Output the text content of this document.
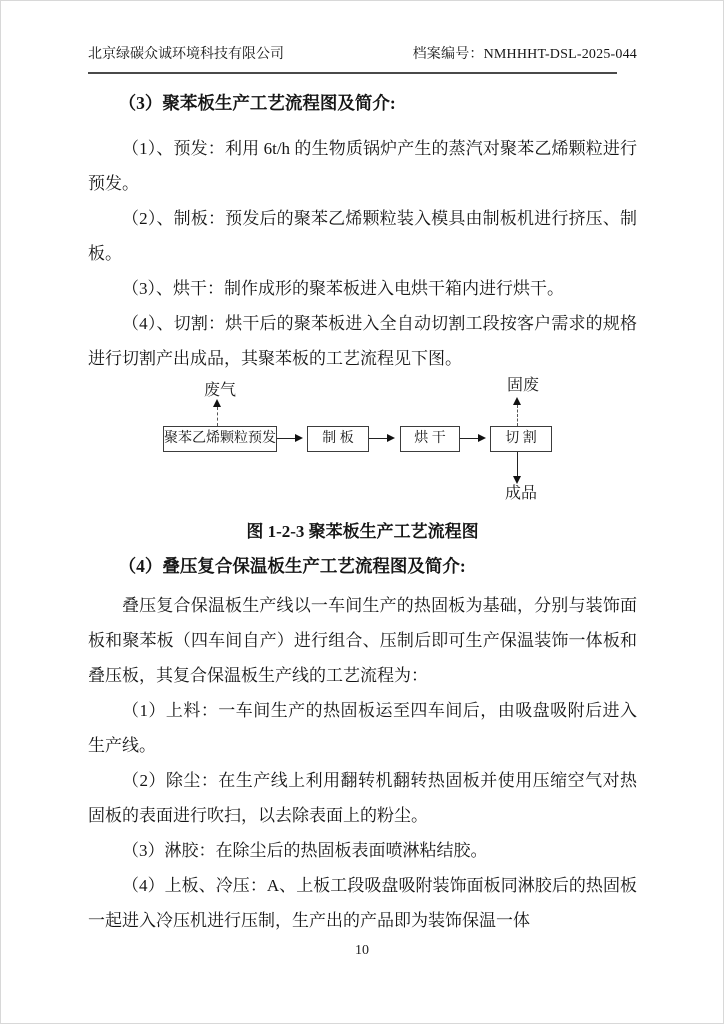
北京绿碳众诚环境科技有限公司	档案编号：NMHHHT-DSL-2025-044

（3）聚苯板生产工艺流程图及简介:

（1）、预发：利用 6t/h 的生物质锅炉产生的蒸汽对聚苯乙烯颗粒进行预发。

（2）、制板：预发后的聚苯乙烯颗粒装入模具由制板机进行挤压、制板。

（3）、烘干：制作成形的聚苯板进入电烘干箱内进行烘干。

（4）、切割：烘干后的聚苯板进入全自动切割工段按客户需求的规格进行切割产出成品，其聚苯板的工艺流程见下图。

废气	固废
成品
聚苯乙烯颗粒预发	制 板	烘 干	切 割

图 1-2-3 聚苯板生产工艺流程图

（4）叠压复合保温板生产工艺流程图及简介:

叠压复合保温板生产线以一车间生产的热固板为基础，分别与装饰面板和聚苯板（四车间自产）进行组合、压制后即可生产保温装饰一体板和叠压板，其复合保温板生产线的工艺流程为：

（1）上料：一车间生产的热固板运至四车间后，由吸盘吸附后进入生产线。

（2）除尘：在生产线上利用翻转机翻转热固板并使用压缩空气对热固板的表面进行吹扫，以去除表面上的粉尘。

（3）淋胶：在除尘后的热固板表面喷淋粘结胶。

（4）上板、冷压：A、上板工段吸盘吸附装饰面板同淋胶后的热固板一起进入冷压机进行压制，生产出的产品即为装饰保温一体

10
